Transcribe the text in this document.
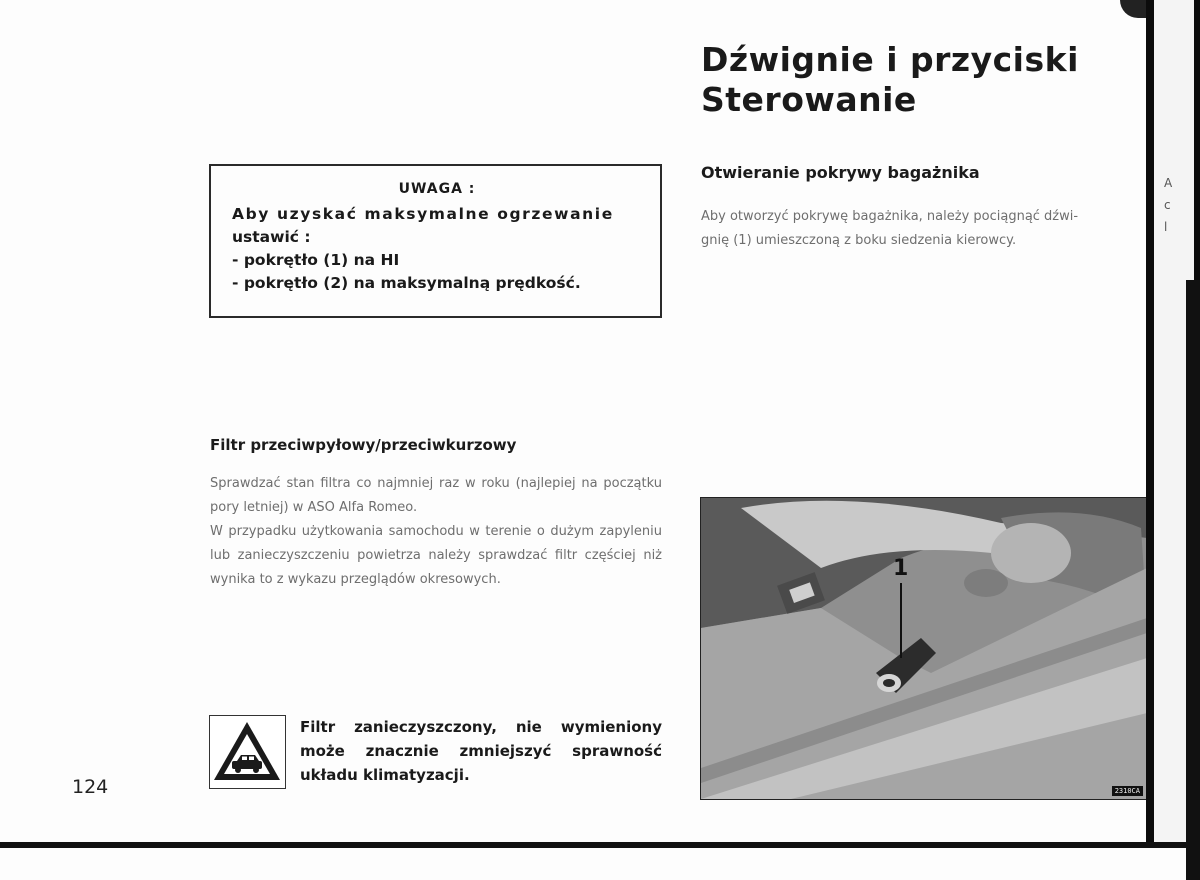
Dźwignie i przyciski
Sterowanie
Otwieranie pokrywy bagażnika
Aby otworzyć pokrywę bagażnika, należy pociągnąć dźwi-
gnię (1) umieszczoną z boku siedzenia kierowcy.
UWAGA :
Aby uzyskać maksymalne ogrzewanie
ustawić :
- pokrętło (1) na HI
- pokrętło (2) na maksymalną prędkość.
Filtr przeciwpyłowy/przeciwkurzowy

Sprawdzać stan filtra co najmniej raz w roku (najlepiej na początku pory letniej) w ASO Alfa Romeo.

W przypadku użytkowania samochodu w terenie o dużym zapyleniu lub zanieczyszczeniu powietrza należy sprawdzać filtr częściej niż wynika to z wykazu przeglądów okresowych.

Filtr zanieczyszczony, nie wymieniony może znacznie zmniejszyć sprawność układu klimatyzacji.

124

1
2310CA
A
c
l
